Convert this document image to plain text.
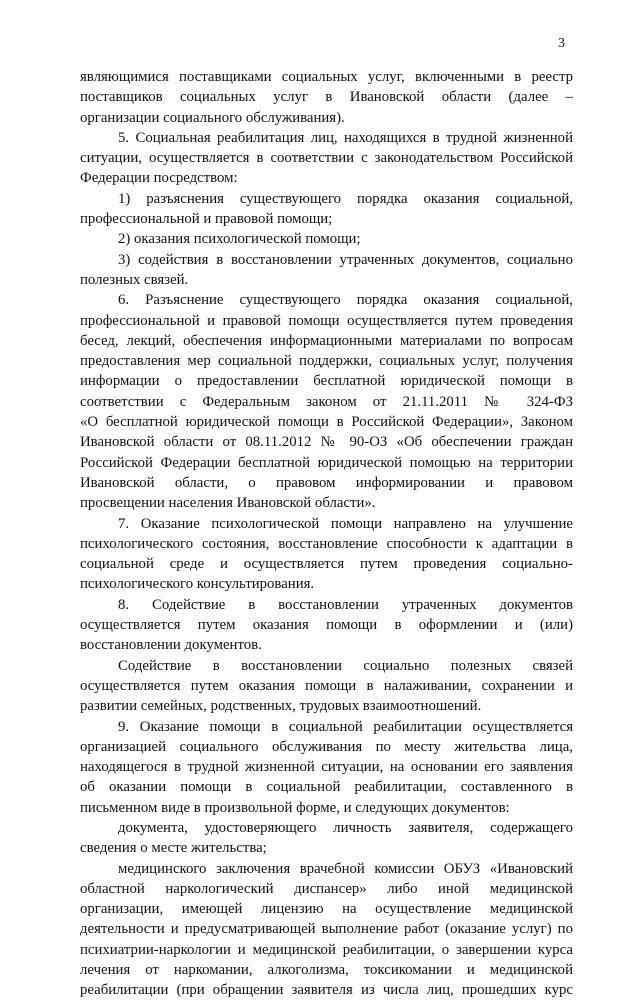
3
являющимися поставщиками социальных услуг, включенными в реестр
поставщиков социальных услуг в Ивановской области (далее –
организации социального обслуживания).
5. Социальная реабилитация лиц, находящихся в трудной жизненной
ситуации, осуществляется в соответствии с законодательством Российской
Федерации посредством:
1) разъяснения существующего порядка оказания социальной,
профессиональной и правовой помощи;
2) оказания психологической помощи;
3) содействия в восстановлении утраченных документов, социально
полезных связей.
6. Разъяснение существующего порядка оказания социальной,
профессиональной и правовой помощи осуществляется путем проведения
бесед, лекций, обеспечения информационными материалами по вопросам
предоставления мер социальной поддержки, социальных услуг, получения
информации о предоставлении бесплатной юридической помощи в
соответствии с Федеральным законом от 21.11.2011 № 324-ФЗ
«О бесплатной юридической помощи в Российской Федерации», Законом
Ивановской области от 08.11.2012 № 90-ОЗ «Об обеспечении граждан
Российской Федерации бесплатной юридической помощью на территории
Ивановской области, о правовом информировании и правовом
просвещении населения Ивановской области».
7. Оказание психологической помощи направлено на улучшение
психологического состояния, восстановление способности к адаптации в
социальной среде и осуществляется путем проведения социально-
психологического консультирования.
8. Содействие в восстановлении утраченных документов
осуществляется путем оказания помощи в оформлении и (или)
восстановлении документов.
Содействие в восстановлении социально полезных связей
осуществляется путем оказания помощи в налаживании, сохранении и
развитии семейных, родственных, трудовых взаимоотношений.
9. Оказание помощи в социальной реабилитации осуществляется
организацией социального обслуживания по месту жительства лица,
находящегося в трудной жизненной ситуации, на основании его заявления
об оказании помощи в социальной реабилитации, составленного в
письменном виде в произвольной форме, и следующих документов:
документа, удостоверяющего личность заявителя, содержащего
сведения о месте жительства;
медицинского заключения врачебной комиссии ОБУЗ «Ивановский
областной наркологический диспансер» либо иной медицинской
организации, имеющей лицензию на осуществление медицинской
деятельности и предусматривающей выполнение работ (оказание услуг) по
психиатрии-наркологии и медицинской реабилитации, о завершении курса
лечения от наркомании, алкоголизма, токсикомании и медицинской
реабилитации (при обращении заявителя из числа лиц, прошедших курс
